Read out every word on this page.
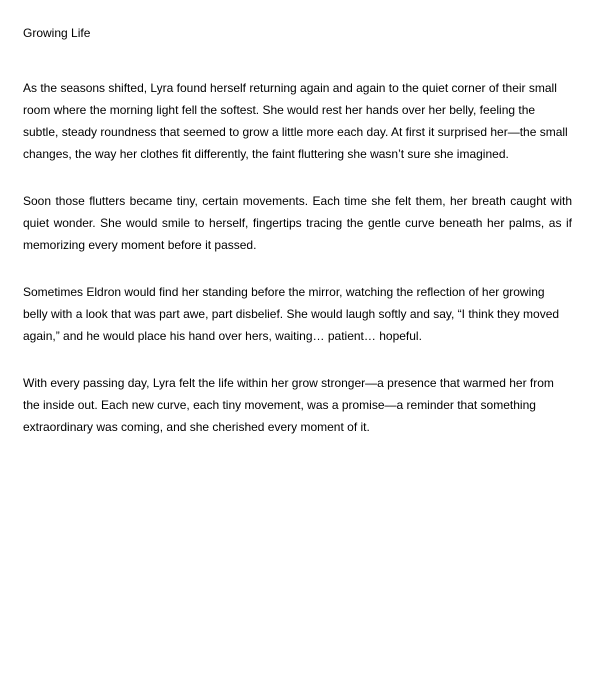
Growing Life

As the seasons shifted, Lyra found herself returning again and again to the quiet corner of their small room where the morning light fell the softest. She would rest her hands over her belly, feeling the subtle, steady roundness that seemed to grow a little more each day. At first it surprised her—the small changes, the way her clothes fit differently, the faint fluttering she wasn’t sure she imagined.

Soon those flutters became tiny, certain movements. Each time she felt them, her breath caught with quiet wonder. She would smile to herself, fingertips tracing the gentle curve beneath her palms, as if memorizing every moment before it passed.

Sometimes Eldron would find her standing before the mirror, watching the reflection of her growing belly with a look that was part awe, part disbelief. She would laugh softly and say, “I think they moved again,” and he would place his hand over hers, waiting… patient… hopeful.

With every passing day, Lyra felt the life within her grow stronger—a presence that warmed her from the inside out. Each new curve, each tiny movement, was a promise—a reminder that something extraordinary was coming, and she cherished every moment of it.
